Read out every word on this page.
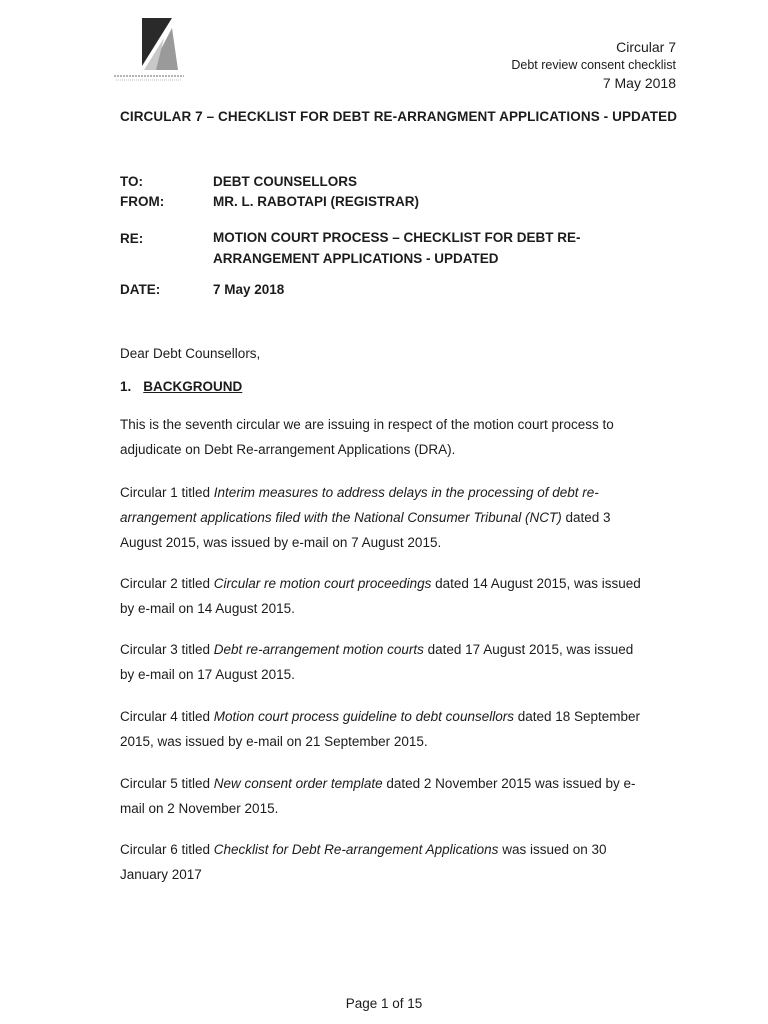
Circular 7
Debt review consent checklist
7 May 2018
CIRCULAR 7 – CHECKLIST FOR DEBT RE-ARRANGMENT APPLICATIONS - UPDATED
TO:	DEBT COUNSELLORS
FROM:	MR. L. RABOTAPI (REGISTRAR)
RE:	MOTION COURT PROCESS – CHECKLIST FOR DEBT RE-
ARRANGEMENT APPLICATIONS - UPDATED
DATE:	7 May 2018
Dear Debt Counsellors,
1. BACKGROUND
This is the seventh circular we are issuing in respect of the motion court process to adjudicate on Debt Re-arrangement Applications (DRA).
Circular 1 titled Interim measures to address delays in the processing of debt re-arrangement applications filed with the National Consumer Tribunal (NCT) dated 3 August 2015, was issued by e-mail on 7 August 2015.
Circular 2 titled Circular re motion court proceedings dated 14 August 2015, was issued by e-mail on 14 August 2015.
Circular 3 titled Debt re-arrangement motion courts dated 17 August 2015, was issued by e-mail on 17 August 2015.
Circular 4 titled Motion court process guideline to debt counsellors dated 18 September 2015, was issued by e-mail on 21 September 2015.
Circular 5 titled New consent order template dated 2 November 2015 was issued by e-mail on 2 November 2015.
Circular 6 titled Checklist for Debt Re-arrangement Applications was issued on 30 January 2017
Page 1 of 15
